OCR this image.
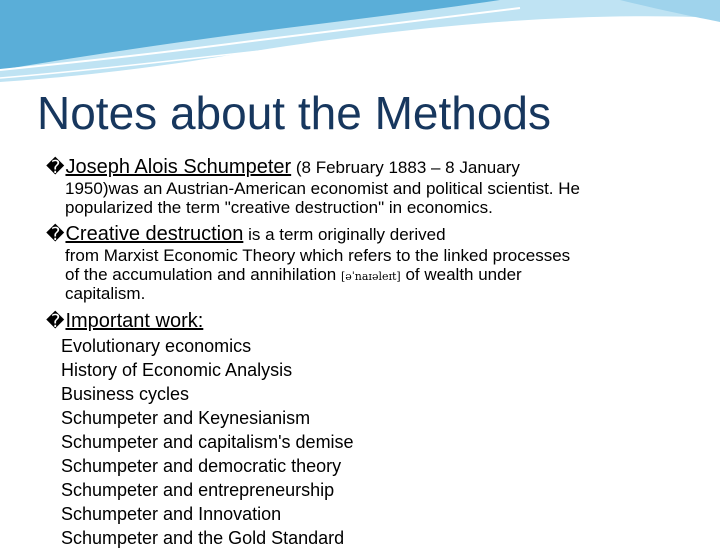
Notes about the Methods
�Joseph Alois Schumpeter (8 February 1883 – 8 January
1950)was an Austrian-American economist and political scientist. He
popularized the term "creative destruction" in economics.
�Creative destruction is a term originally derived
from Marxist Economic Theory which refers to the linked processes
of the accumulation and annihilation [əˈnaɪəleɪt] of wealth under
capitalism.
�Important work:
Evolutionary economics
History of Economic Analysis
Business cycles
Schumpeter and Keynesianism
Schumpeter and capitalism's demise
Schumpeter and democratic theory
Schumpeter and entrepreneurship
Schumpeter and Innovation
Schumpeter and the Gold Standard
